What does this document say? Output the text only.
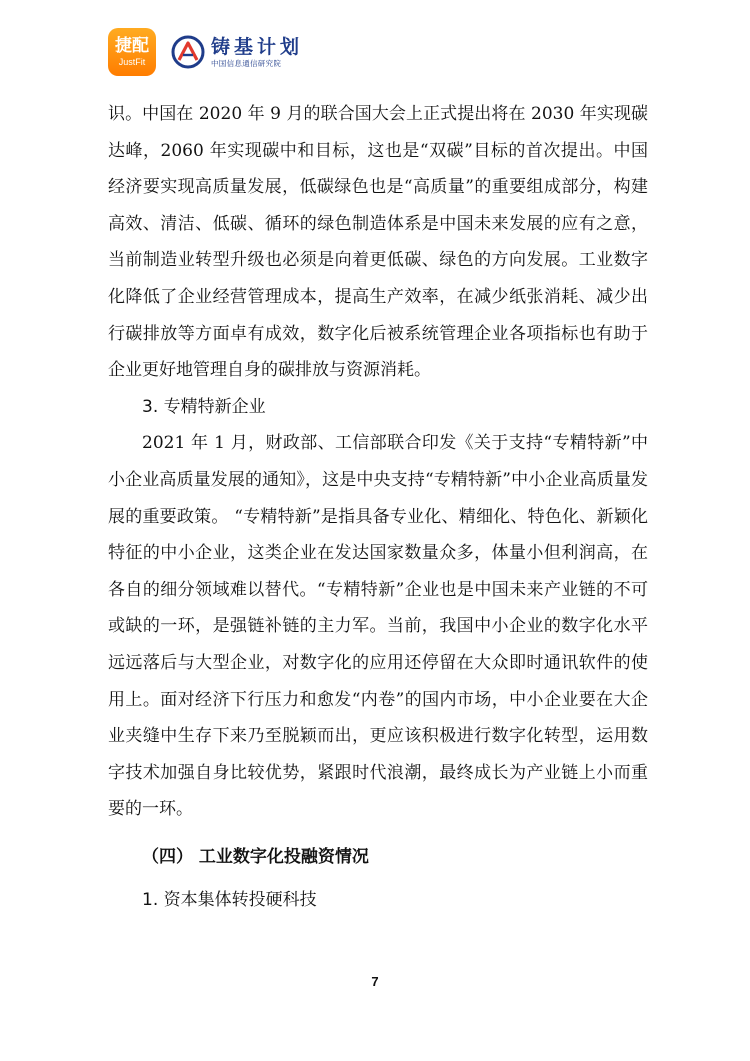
捷配
JustFit
铸基计划
中国信息通信研究院

识。中国在 2020 年 9 月的联合国大会上正式提出将在 2030 年实现碳达峰，2060 年实现碳中和目标，这也是“双碳”目标的首次提出。中国经济要实现高质量发展，低碳绿色也是“高质量”的重要组成部分，构建高效、清洁、低碳、循环的绿色制造体系是中国未来发展的应有之意，当前制造业转型升级也必须是向着更低碳、绿色的方向发展。工业数字化降低了企业经营管理成本，提高生产效率，在减少纸张消耗、减少出行碳排放等方面卓有成效，数字化后被系统管理企业各项指标也有助于企业更好地管理自身的碳排放与资源消耗。

3. 专精特新企业

2021 年 1 月，财政部、工信部联合印发《关于支持“专精特新”中小企业高质量发展的通知》，这是中央支持“专精特新”中小企业高质量发展的重要政策。 “专精特新”是指具备专业化、精细化、特色化、新颖化特征的中小企业，这类企业在发达国家数量众多，体量小但利润高，在各自的细分领域难以替代。“专精特新”企业也是中国未来产业链的不可或缺的一环，是强链补链的主力军。当前，我国中小企业的数字化水平远远落后与大型企业，对数字化的应用还停留在大众即时通讯软件的使用上。面对经济下行压力和愈发“内卷”的国内市场，中小企业要在大企业夹缝中生存下来乃至脱颖而出，更应该积极进行数字化转型，运用数字技术加强自身比较优势，紧跟时代浪潮，最终成长为产业链上小而重要的一环。

（四） 工业数字化投融资情况

1. 资本集体转投硬科技

7
